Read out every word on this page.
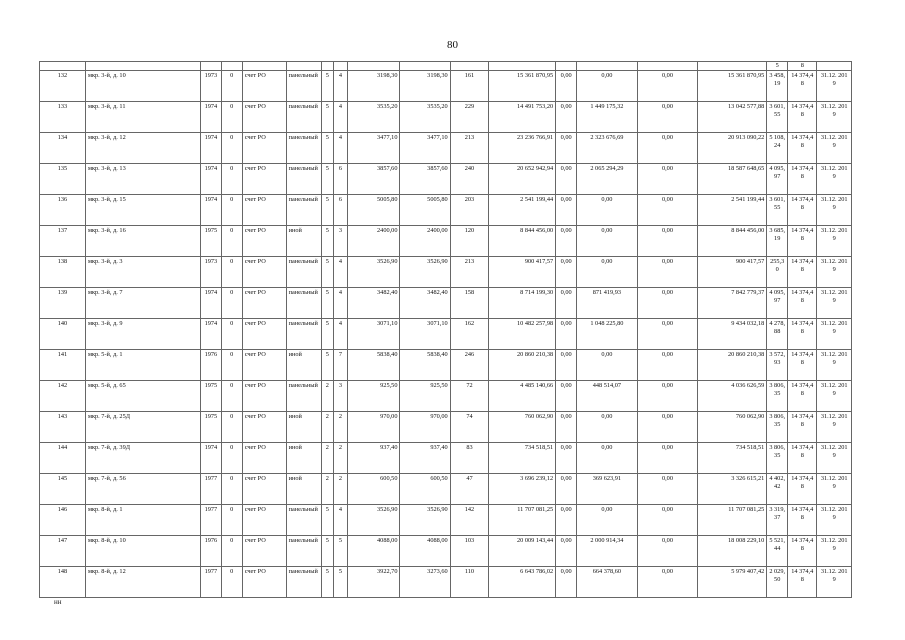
80
																5	8	
132	мкр. 3-й, д. 10	1973	0	счет РО	панельный	5	4	3198,30	3198,30	161	15 361 870,95	0,00	0,00	0,00	15 361 870,95	3 458,19	14 374,48	31.12. 2019
133	мкр. 3-й, д. 11	1974	0	счет РО	панельный	5	4	3535,20	3535,20	229	14 491 753,20	0,00	1 449 175,32	0,00	13 042 577,88	3 601,55	14 374,48	31.12. 2019
134	мкр. 3-й, д. 12	1974	0	счет РО	панельный	5	4	3477,10	3477,10	213	23 236 766,91	0,00	2 323 676,69	0,00	20 913 090,22	5 108,24	14 374,48	31.12. 2019
135	мкр. 3-й, д. 13	1974	0	счет РО	панельный	5	6	3857,60	3857,60	240	20 652 942,94	0,00	2 065 294,29	0,00	18 587 648,65	4 095,97	14 374,48	31.12. 2019
136	мкр. 3-й, д. 15	1974	0	счет РО	панельный	5	6	5005,80	5005,80	203	2 541 199,44	0,00	0,00	0,00	2 541 199,44	3 601,55	14 374,48	31.12. 2019
137	мкр. 3-й, д. 16	1975	0	счет РО	иной	5	3	2400,00	2400,00	120	8 844 456,00	0,00	0,00	0,00	8 844 456,00	3 685,19	14 374,48	31.12. 2019
138	мкр. 3-й, д. 3	1973	0	счет РО	панельный	5	4	3526,90	3526,90	213	900 417,57	0,00	0,00	0,00	900 417,57	255,30	14 374,48	31.12. 2019
139	мкр. 3-й, д. 7	1974	0	счет РО	панельный	5	4	3482,40	3482,40	158	8 714 199,30	0,00	871 419,93	0,00	7 842 779,37	4 095,97	14 374,48	31.12. 2019
140	мкр. 3-й, д. 9	1974	0	счет РО	панельный	5	4	3071,10	3071,10	162	10 482 257,98	0,00	1 048 225,80	0,00	9 434 032,18	4 278,88	14 374,48	31.12. 2019
141	мкр. 5-й, д. 1	1976	0	счет РО	иной	5	7	5838,40	5838,40	246	20 860 210,38	0,00	0,00	0,00	20 860 210,38	3 572,93	14 374,48	31.12. 2019
142	мкр. 5-й, д. 65	1975	0	счет РО	панельный	2	3	925,50	925,50	72	4 485 140,66	0,00	448 514,07	0,00	4 036 626,59	3 806,35	14 374,48	31.12. 2019
143	мкр. 7-й, д. 25Д	1975	0	счет РО	иной	2	2	970,00	970,00	74	760 062,90	0,00	0,00	0,00	760 062,90	3 806,35	14 374,48	31.12. 2019
144	мкр. 7-й, д. 39Д	1974	0	счет РО	иной	2	2	937,40	937,40	83	734 518,51	0,00	0,00	0,00	734 518,51	3 806,35	14 374,48	31.12. 2019
145	мкр. 7-й, д. 56	1977	0	счет РО	иной	2	2	600,50	600,50	47	3 696 239,12	0,00	369 623,91	0,00	3 326 615,21	4 402,42	14 374,48	31.12. 2019
146	мкр. 8-й, д. 1	1977	0	счет РО	панельный	5	4	3526,90	3526,90	142	11 707 081,25	0,00	0,00	0,00	11 707 081,25	3 319,37	14 374,48	31.12. 2019
147	мкр. 8-й, д. 10	1976	0	счет РО	панельный	5	5	4088,00	4088,00	103	20 009 143,44	0,00	2 000 914,34	0,00	18 008 229,10	5 521,44	14 374,48	31.12. 2019
148	мкр. 8-й, д. 12	1977	0	счет РО	панельный	5	5	3922,70	3273,60	110	6 643 786,02	0,00	664 378,60	0,00	5 979 407,42	2 029,50	14 374,48	31.12. 2019
нн
